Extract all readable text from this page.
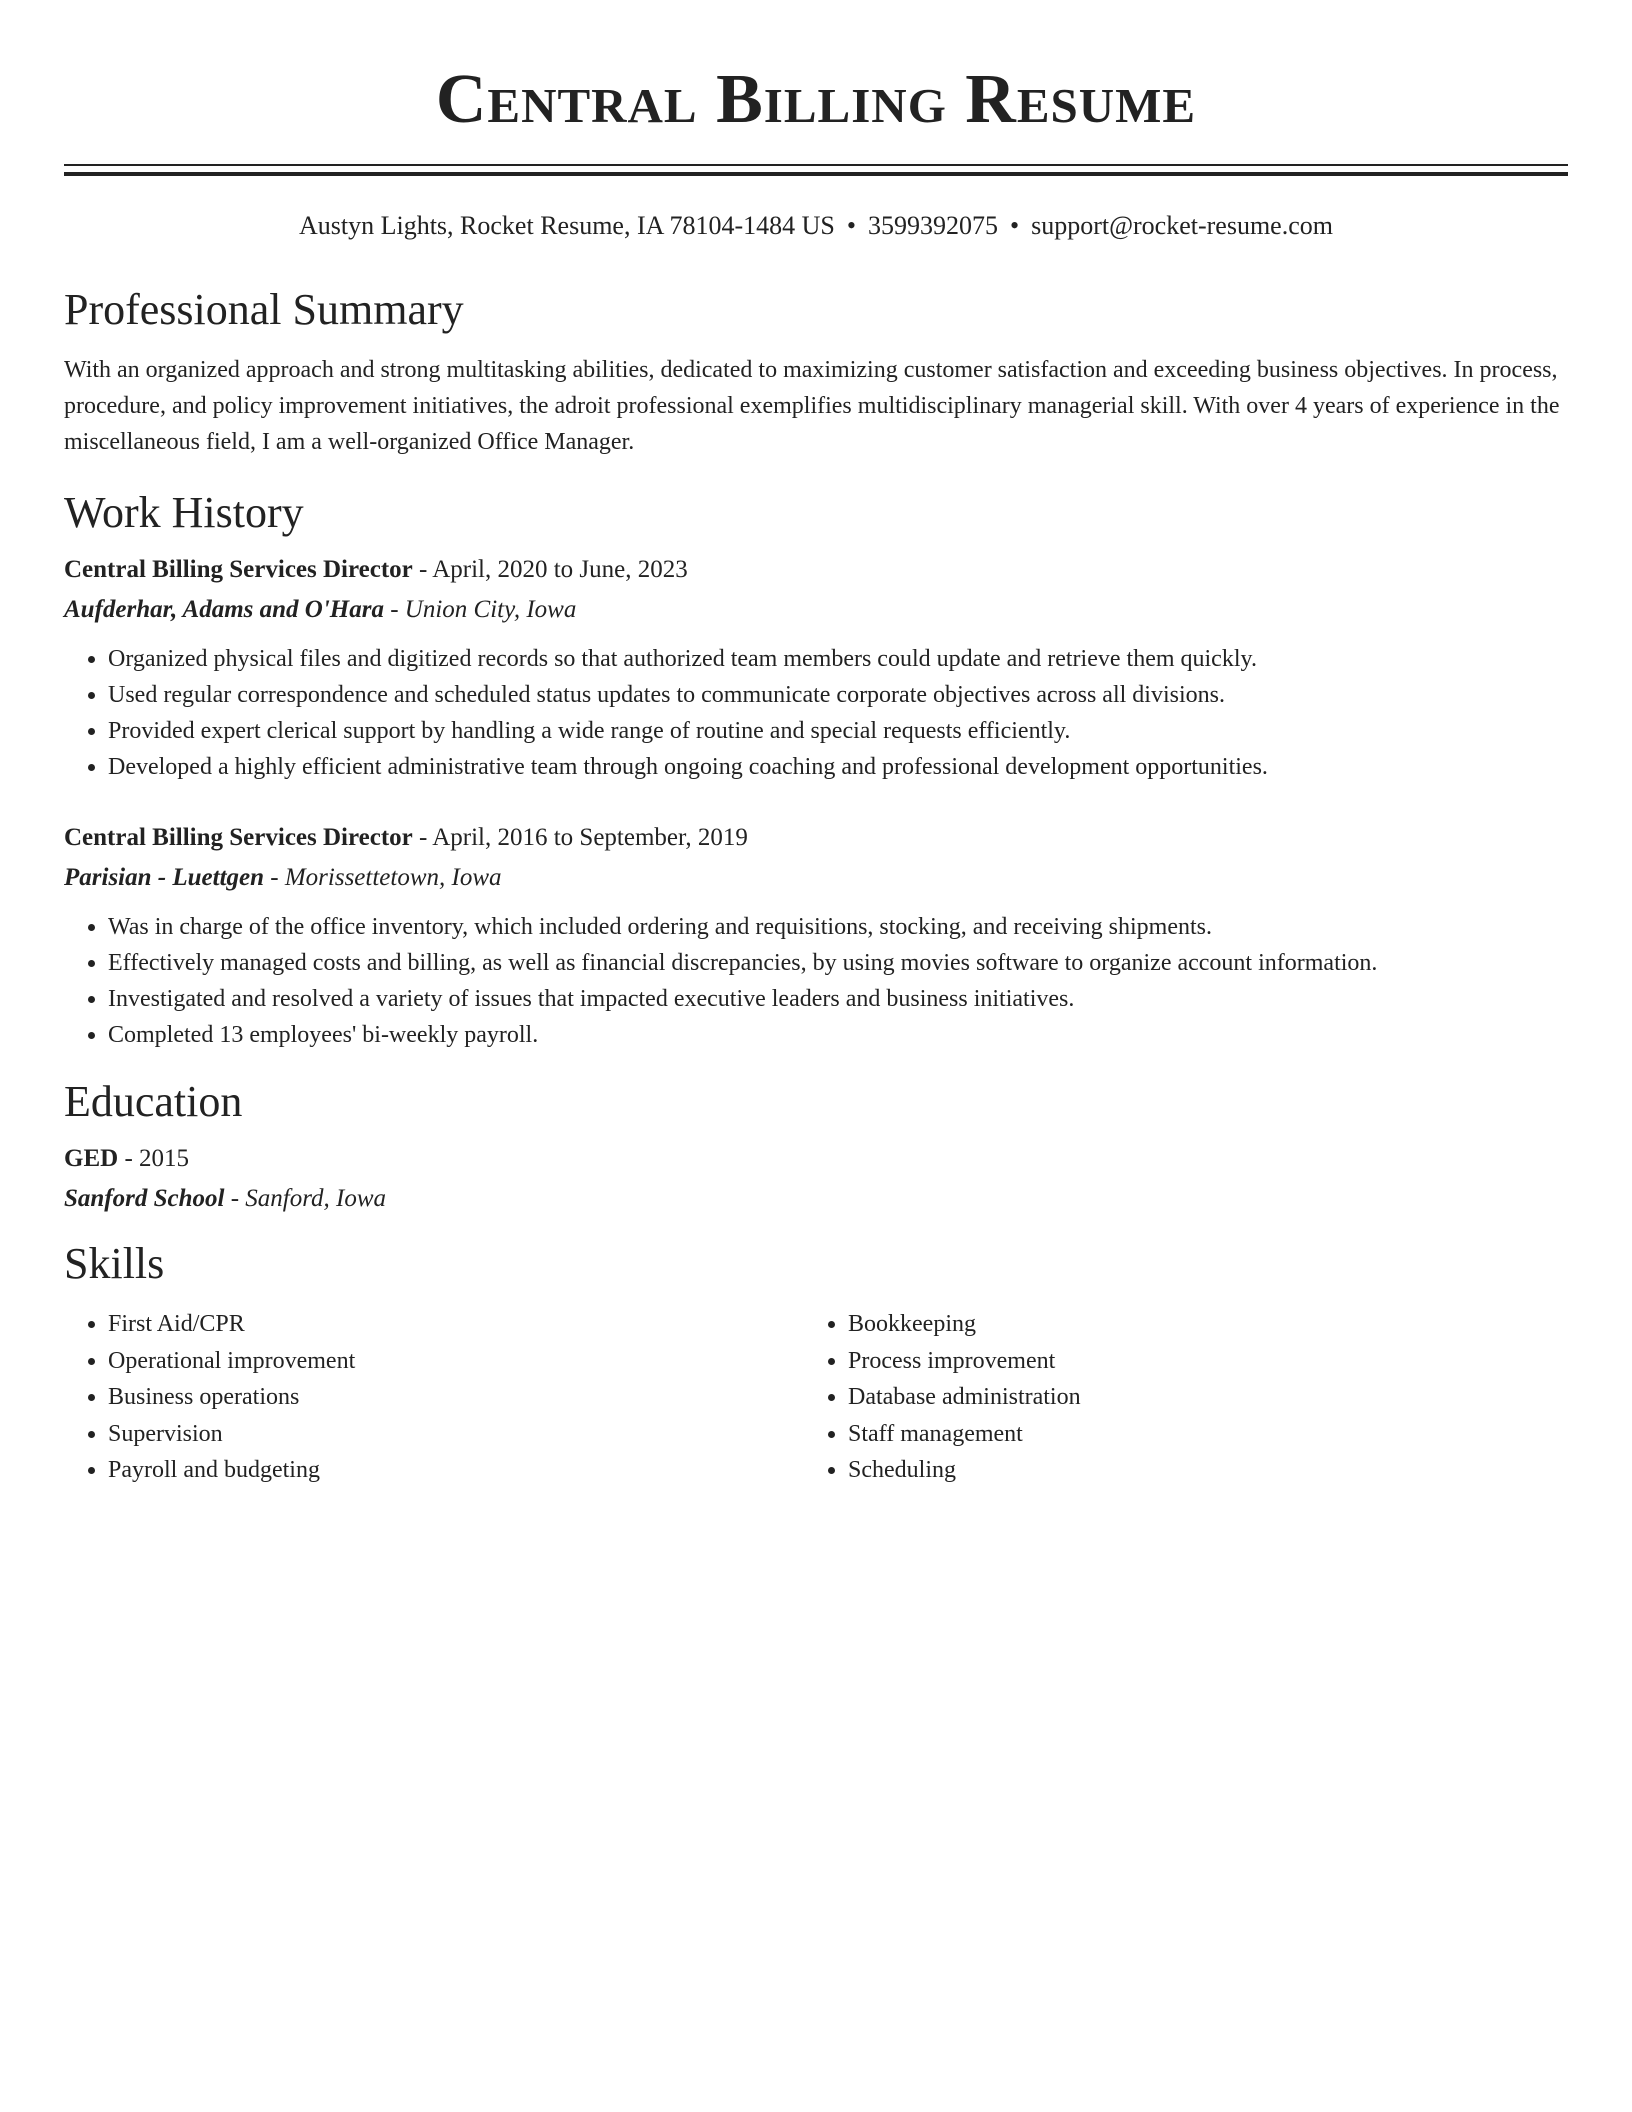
Central Billing Resume
Austyn Lights, Rocket Resume, IA 78104-1484 US • 3599392075 • support@rocket-resume.com
Professional Summary

With an organized approach and strong multitasking abilities, dedicated to maximizing customer satisfaction and exceeding business objectives. In process, procedure, and policy improvement initiatives, the adroit professional exemplifies multidisciplinary managerial skill. With over 4 years of experience in the miscellaneous field, I am a well-organized Office Manager.

Work History
Central Billing Services Director - April, 2020 to June, 2023
Aufderhar, Adams and O'Hara - Union City, Iowa
• Organized physical files and digitized records so that authorized team members could update and retrieve them quickly.
• Used regular correspondence and scheduled status updates to communicate corporate objectives across all divisions.
• Provided expert clerical support by handling a wide range of routine and special requests efficiently.
• Developed a highly efficient administrative team through ongoing coaching and professional development opportunities.
Central Billing Services Director - April, 2016 to September, 2019
Parisian - Luettgen - Morissettetown, Iowa
• Was in charge of the office inventory, which included ordering and requisitions, stocking, and receiving shipments.
• Effectively managed costs and billing, as well as financial discrepancies, by using movies software to organize account information.
• Investigated and resolved a variety of issues that impacted executive leaders and business initiatives.
• Completed 13 employees' bi-weekly payroll.
Education
GED - 2015
Sanford School - Sanford, Iowa
Skills
• First Aid/CPR
• Operational improvement
• Business operations
• Supervision
• Payroll and budgeting
• Bookkeeping
• Process improvement
• Database administration
• Staff management
• Scheduling
